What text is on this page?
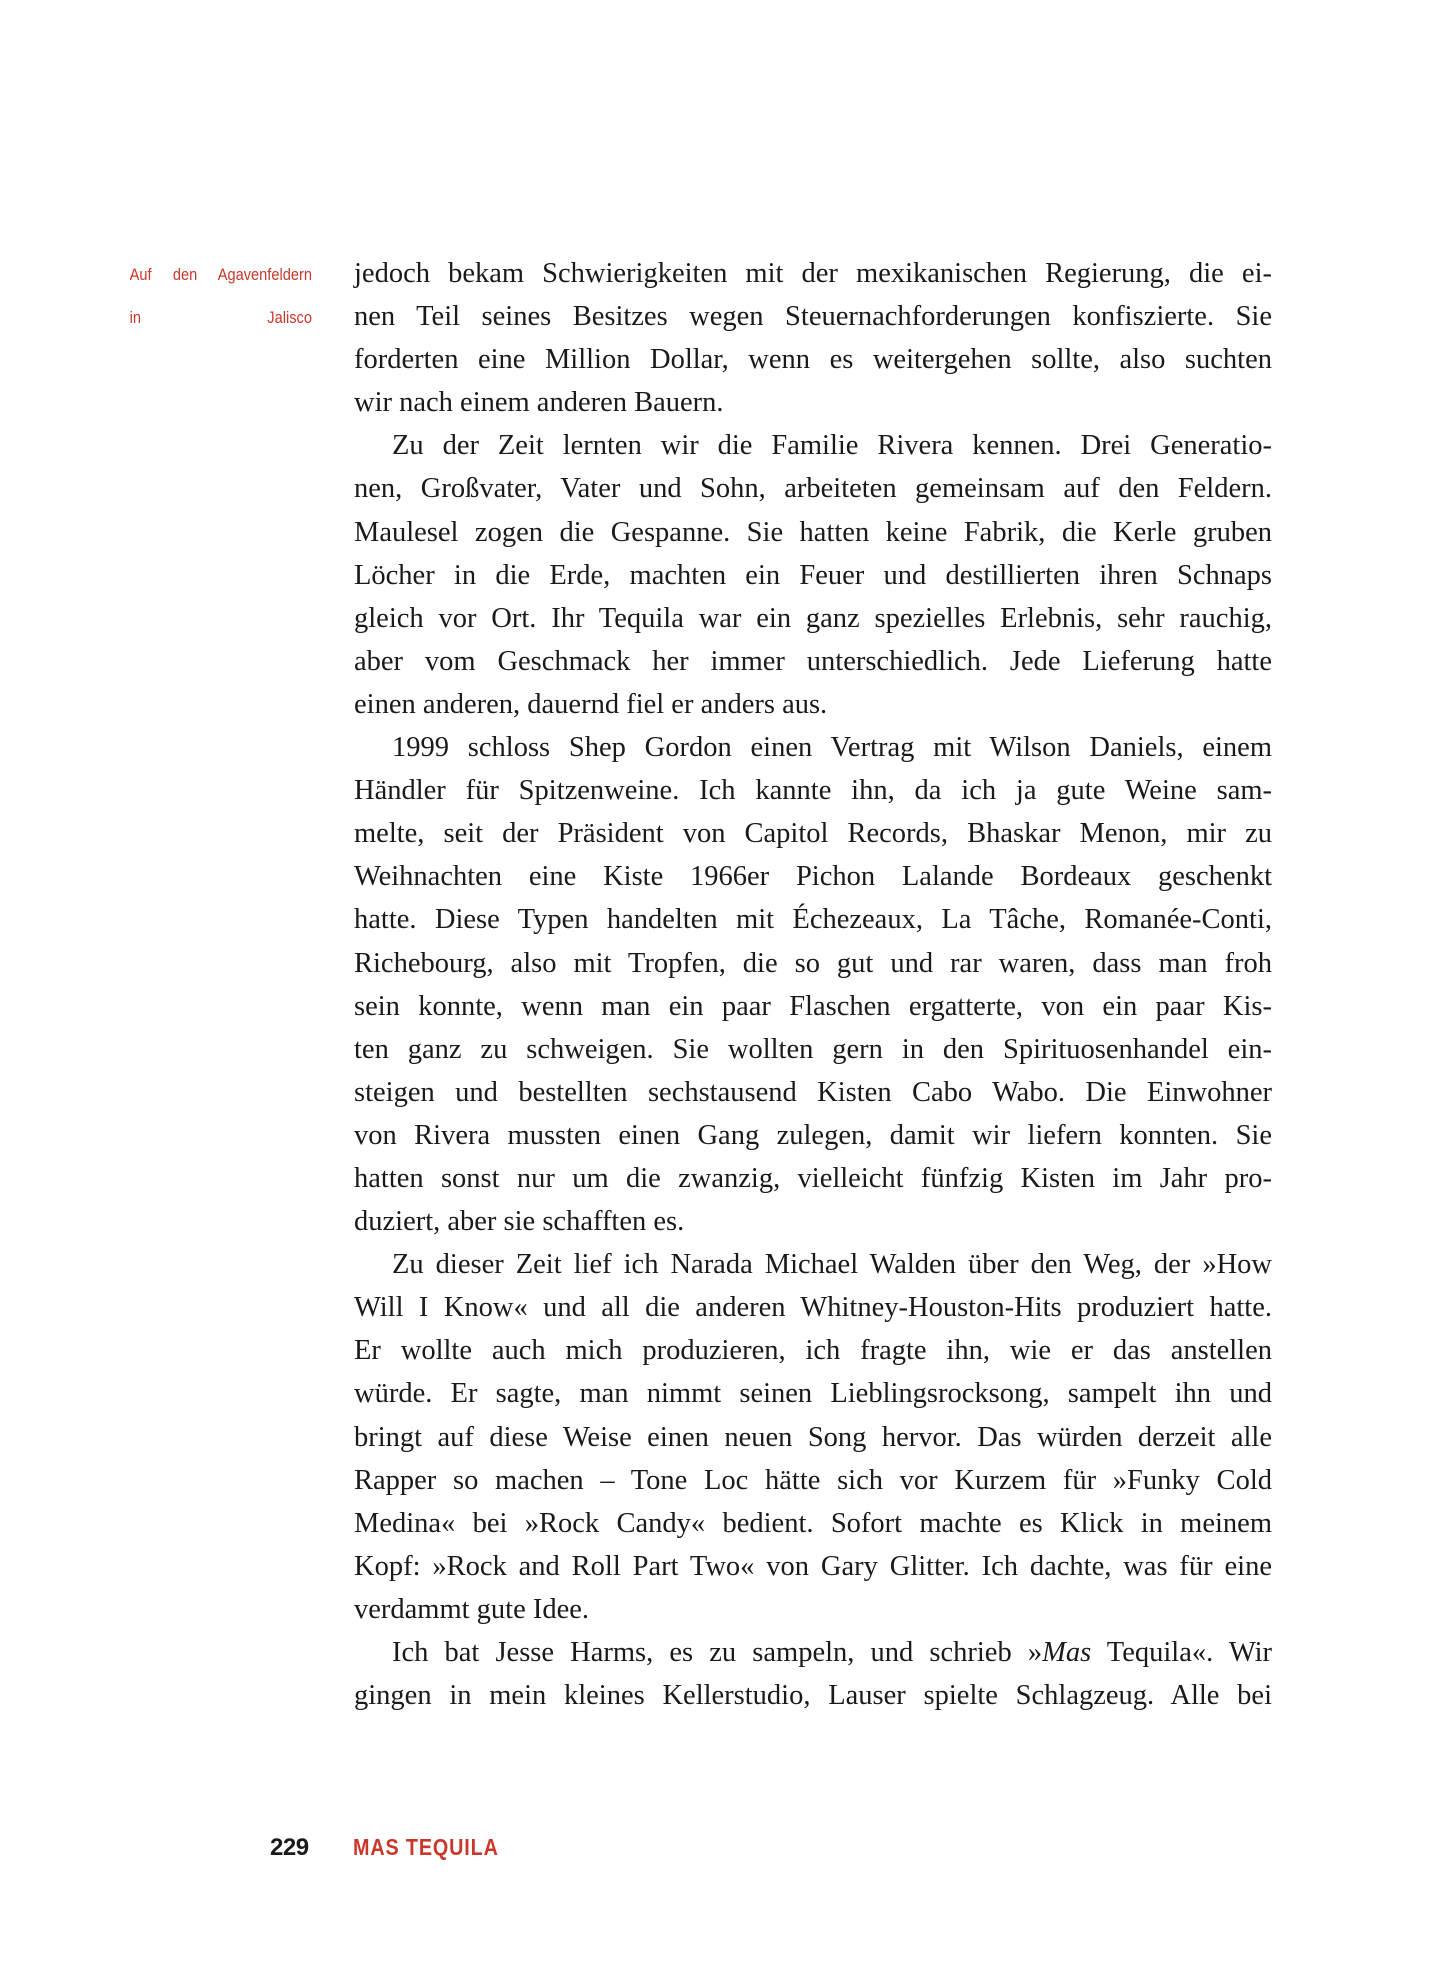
Auf den Agavenfeldern
in Jalisco
jedoch bekam Schwierigkeiten mit der mexikanischen Regierung, die ei-
nen Teil seines Besitzes wegen Steuernachforderungen konfiszierte. Sie
forderten eine Million Dollar, wenn es weitergehen sollte, also suchten
wir nach einem anderen Bauern.
Zu der Zeit lernten wir die Familie Rivera kennen. Drei Generatio-
nen, Großvater, Vater und Sohn, arbeiteten gemeinsam auf den Feldern.
Maulesel zogen die Gespanne. Sie hatten keine Fabrik, die Kerle gruben
Löcher in die Erde, machten ein Feuer und destillierten ihren Schnaps
gleich vor Ort. Ihr Tequila war ein ganz spezielles Erlebnis, sehr rauchig,
aber vom Geschmack her immer unterschiedlich. Jede Lieferung hatte
einen anderen, dauernd fiel er anders aus.
1999 schloss Shep Gordon einen Vertrag mit Wilson Daniels, einem
Händler für Spitzenweine. Ich kannte ihn, da ich ja gute Weine sam-
melte, seit der Präsident von Capitol Records, Bhaskar Menon, mir zu
Weihnachten eine Kiste 1966er Pichon Lalande Bordeaux geschenkt
hatte. Diese Typen handelten mit Échezeaux, La Tâche, Romanée-Conti,
Richebourg, also mit Tropfen, die so gut und rar waren, dass man froh
sein konnte, wenn man ein paar Flaschen ergatterte, von ein paar Kis-
ten ganz zu schweigen. Sie wollten gern in den Spirituosenhandel ein-
steigen und bestellten sechstausend Kisten Cabo Wabo. Die Einwohner
von Rivera mussten einen Gang zulegen, damit wir liefern konnten. Sie
hatten sonst nur um die zwanzig, vielleicht fünfzig Kisten im Jahr pro-
duziert, aber sie schafften es.
Zu dieser Zeit lief ich Narada Michael Walden über den Weg, der »How
Will I Know« und all die anderen Whitney-Houston-Hits produziert hatte.
Er wollte auch mich produzieren, ich fragte ihn, wie er das anstellen
würde. Er sagte, man nimmt seinen Lieblingsrocksong, sampelt ihn und
bringt auf diese Weise einen neuen Song hervor. Das würden derzeit alle
Rapper so machen – Tone Loc hätte sich vor Kurzem für »Funky Cold
Medina« bei »Rock Candy« bedient. Sofort machte es Klick in meinem
Kopf: »Rock and Roll Part Two« von Gary Glitter. Ich dachte, was für eine
verdammt gute Idee.
Ich bat Jesse Harms, es zu sampeln, und schrieb »Mas Tequila«. Wir
gingen in mein kleines Kellerstudio, Lauser spielte Schlagzeug. Alle bei
229 MAS TEQUILA
